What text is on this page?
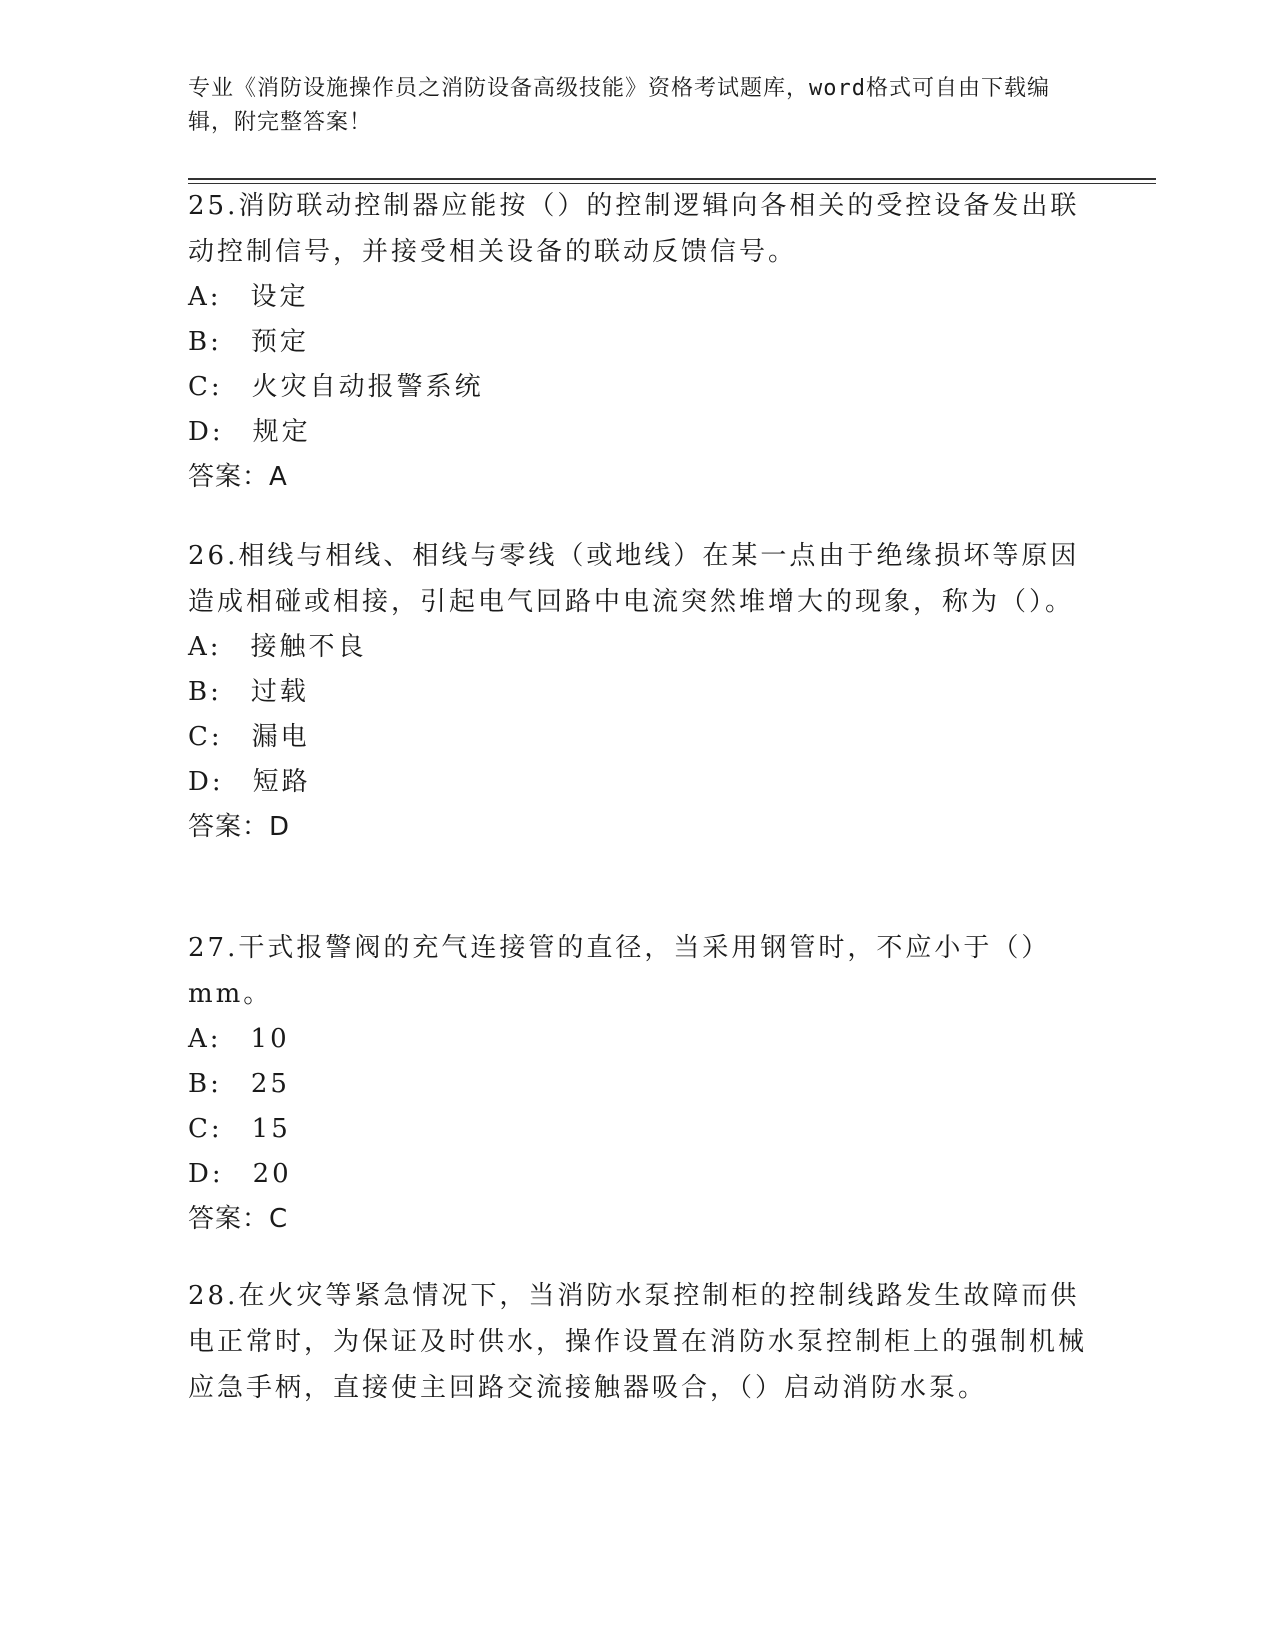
专业《消防设施操作员之消防设备高级技能》资格考试题库，word格式可自由下载编辑，附完整答案！

25.消防联动控制器应能按（）的控制逻辑向各相关的受控设备发出联动控制信号，并接受相关设备的联动反馈信号。

A:　设定

B:　预定

C:　火灾自动报警系统

D:　规定

答案：A

26.相线与相线、相线与零线（或地线）在某一点由于绝缘损坏等原因造成相碰或相接，引起电气回路中电流突然堆增大的现象，称为（）。

A:　接触不良

B:　过载

C:　漏电

D:　短路

答案：D

27.干式报警阀的充气连接管的直径，当采用钢管时，不应小于（）mm。

A:　10

B:　25

C:　15

D:　20

答案：C

28.在火灾等紧急情况下，当消防水泵控制柜的控制线路发生故障而供电正常时，为保证及时供水，操作设置在消防水泵控制柜上的强制机械应急手柄，直接使主回路交流接触器吸合，（）启动消防水泵。
